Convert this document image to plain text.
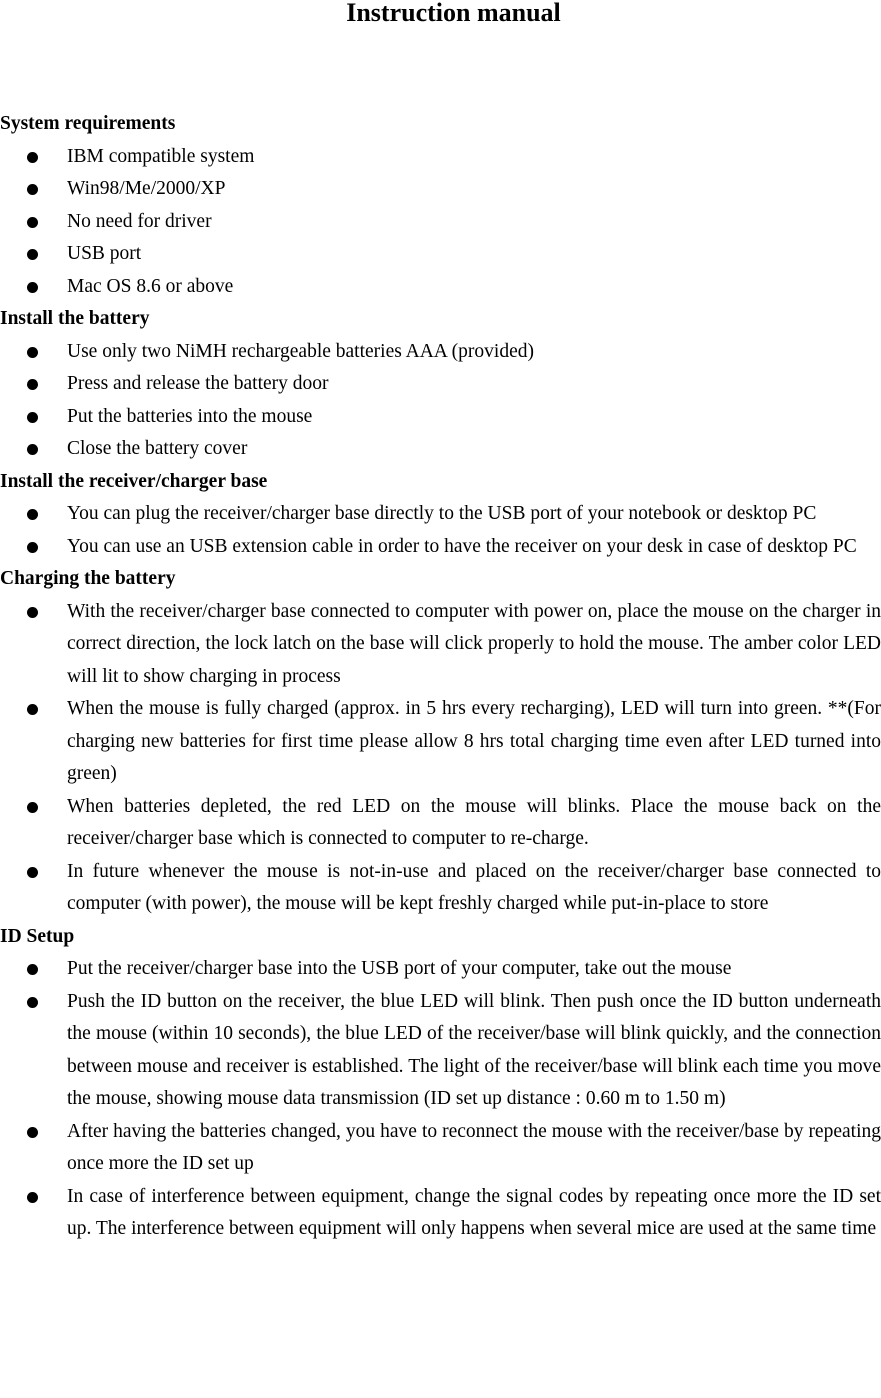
Instruction manual
System requirements
IBM compatible system
Win98/Me/2000/XP
No need for driver
USB port
Mac OS 8.6 or above
Install the battery
Use only two NiMH rechargeable batteries AAA (provided)
Press and release the battery door
Put the batteries into the mouse
Close the battery cover
Install the receiver/charger base
You can plug the receiver/charger base directly to the USB port of your notebook or desktop PC
You can use an USB extension cable in order to have the receiver on your desk in case of desktop PC
Charging the battery
With the receiver/charger base connected to computer with power on, place the mouse on the charger in correct direction, the lock latch on the base will click properly to hold the mouse. The amber color LED will lit to show charging in process
When the mouse is fully charged (approx. in 5 hrs every recharging), LED will turn into green. **(For charging new batteries for first time please allow 8 hrs total charging time even after LED turned into green)
When batteries depleted, the red LED on the mouse will blinks. Place the mouse back on the receiver/charger base which is connected to computer to re-charge.
In future whenever the mouse is not-in-use and placed on the receiver/charger base connected to computer (with power), the mouse will be kept freshly charged while put-in-place to store
ID Setup
Put the receiver/charger base into the USB port of your computer, take out the mouse
Push the ID button on the receiver, the blue LED will blink. Then push once the ID button underneath the mouse (within 10 seconds), the blue LED of the receiver/base will blink quickly, and the connection between mouse and receiver is established. The light of the receiver/base will blink each time you move the mouse, showing mouse data transmission (ID set up distance : 0.60 m to 1.50 m)
After having the batteries changed, you have to reconnect the mouse with the receiver/base by repeating once more the ID set up
In case of interference between equipment, change the signal codes by repeating once more the ID set up. The interference between equipment will only happens when several mice are used at the same time
